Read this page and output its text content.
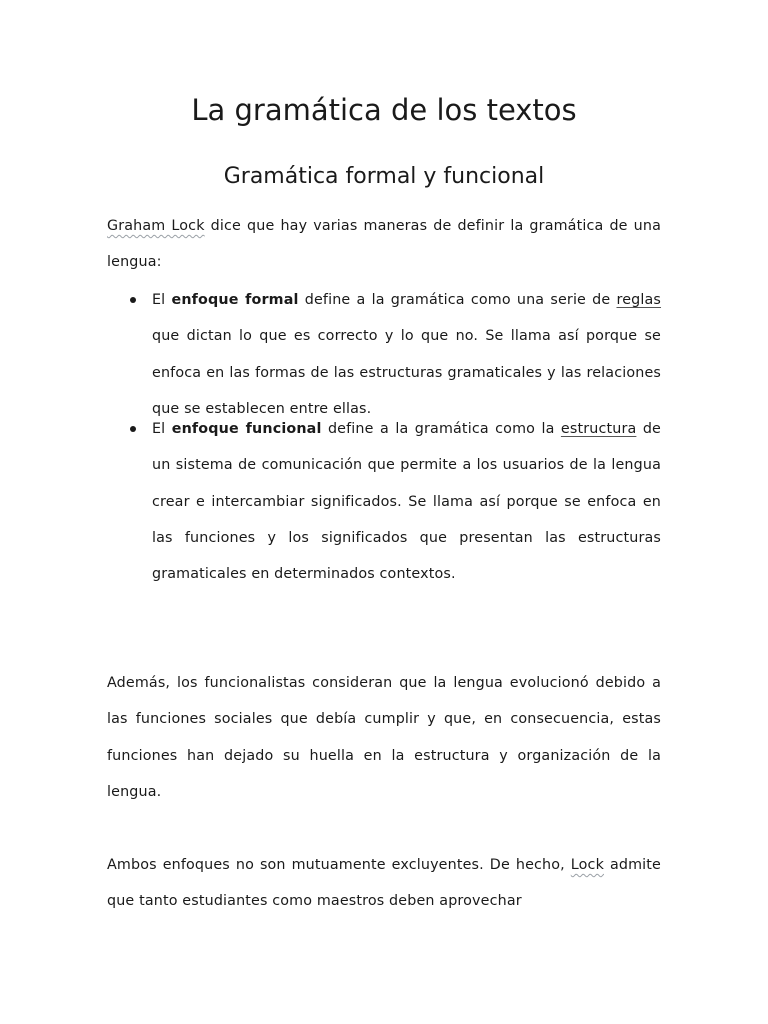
La gramática de los textos
Gramática formal y funcional

Graham Lock dice que hay varias maneras de definir la gramática de una lengua:

El enfoque formal define a la gramática como una serie de reglas que dictan lo que es correcto y lo que no. Se llama así porque se enfoca en las formas de las estructuras gramaticales y las relaciones que se establecen entre ellas.
El enfoque funcional define a la gramática como la estructura de un sistema de comunicación que permite a los usuarios de la lengua crear e intercambiar significados. Se llama así porque se enfoca en las funciones y los significados que presentan las estructuras gramaticales en determinados contextos.

Además, los funcionalistas consideran que la lengua evolucionó debido a las funciones sociales que debía cumplir y que, en consecuencia, estas funciones han dejado su huella en la estructura y organización de la lengua.

Ambos enfoques no son mutuamente excluyentes. De hecho, Lock admite que tanto estudiantes como maestros deben aprovechar
